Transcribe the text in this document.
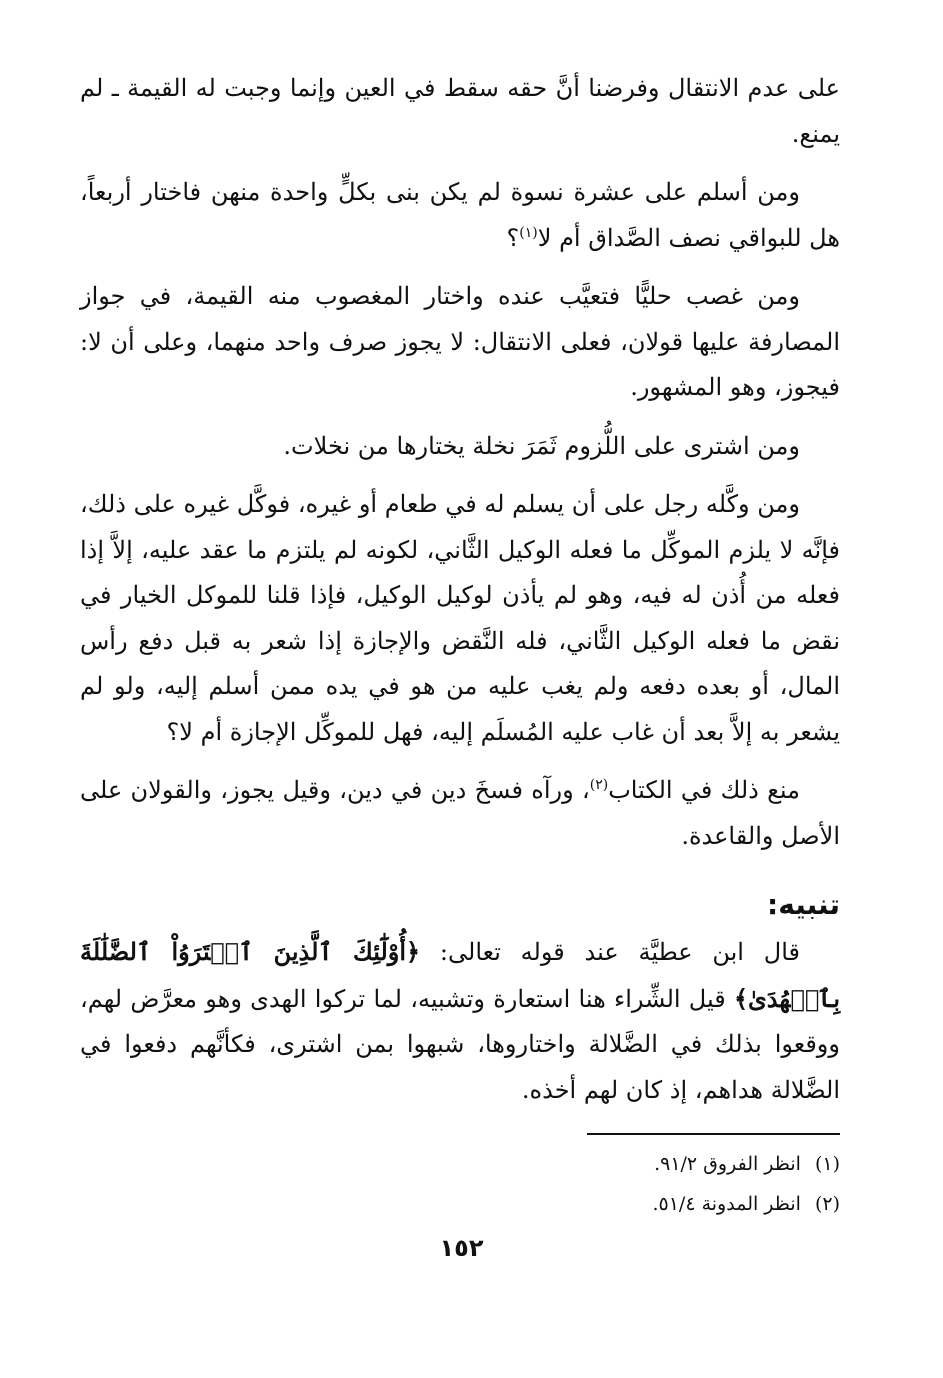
على عدم الانتقال وفرضنا أنَّ حقه سقط في العين وإنما وجبت له القيمة ـ لم يمنع.

ومن أسلم على عشرة نسوة لم يكن بنى بكلٍّ واحدة منهن فاختار أربعاً، هل للبواقي نصف الصَّداق أم لا$^{(١)}$؟

ومن غصب حليًّا فتعيَّب عنده واختار المغصوب منه القيمة، في جواز المصارفة عليها قولان، فعلى الانتقال: لا يجوز صرف واحد منهما، وعلى أن لا: فيجوز، وهو المشهور.

ومن اشترى على اللُّزوم ثَمَرَ نخلة يختارها من نخلات.

ومن وكَّله رجل على أن يسلم له في طعام أو غيره، فوكَّل غيره على ذلك، فإنَّه لا يلزم الموكِّل ما فعله الوكيل الثَّاني، لكونه لم يلتزم ما عقد عليه، إلاَّ إذا فعله من أُذن له فيه، وهو لم يأذن لوكيل الوكيل، فإذا قلنا للموكل الخيار في نقض ما فعله الوكيل الثَّاني، فله النَّقض والإجازة إذا شعر به قبل دفع رأس المال، أو بعده دفعه ولم يغب عليه من هو في يده ممن أسلم إليه، ولو لم يشعر به إلاَّ بعد أن غاب عليه المُسلَم إليه، فهل للموكِّل الإجازة أم لا؟

منع ذلك في الكتاب$^{(٢)}$، ورآه فسخَ دين في دين، وقيل يجوز، والقولان على الأصل والقاعدة.

تنبيه:

قال ابن عطيَّة عند قوله تعالى: ﴿أُوْلَٰٓئِكَ ٱلَّذِينَ ٱشۡتَرَوُاْ ٱلضَّلَٰلَةَ بِٱلۡهُدَىٰ﴾ قيل الشِّراء هنا استعارة وتشبيه، لما تركوا الهدى وهو معرَّض لهم، ووقعوا بذلك في الضَّلالة واختاروها، شبهوا بمن اشترى، فكأنَّهم دفعوا في الضَّلالة هداهم، إذ كان لهم أخذه.

(١)انظر الفروق ٩١/٢.

(٢)انظر المدونة ٥١/٤.

١٥٢
